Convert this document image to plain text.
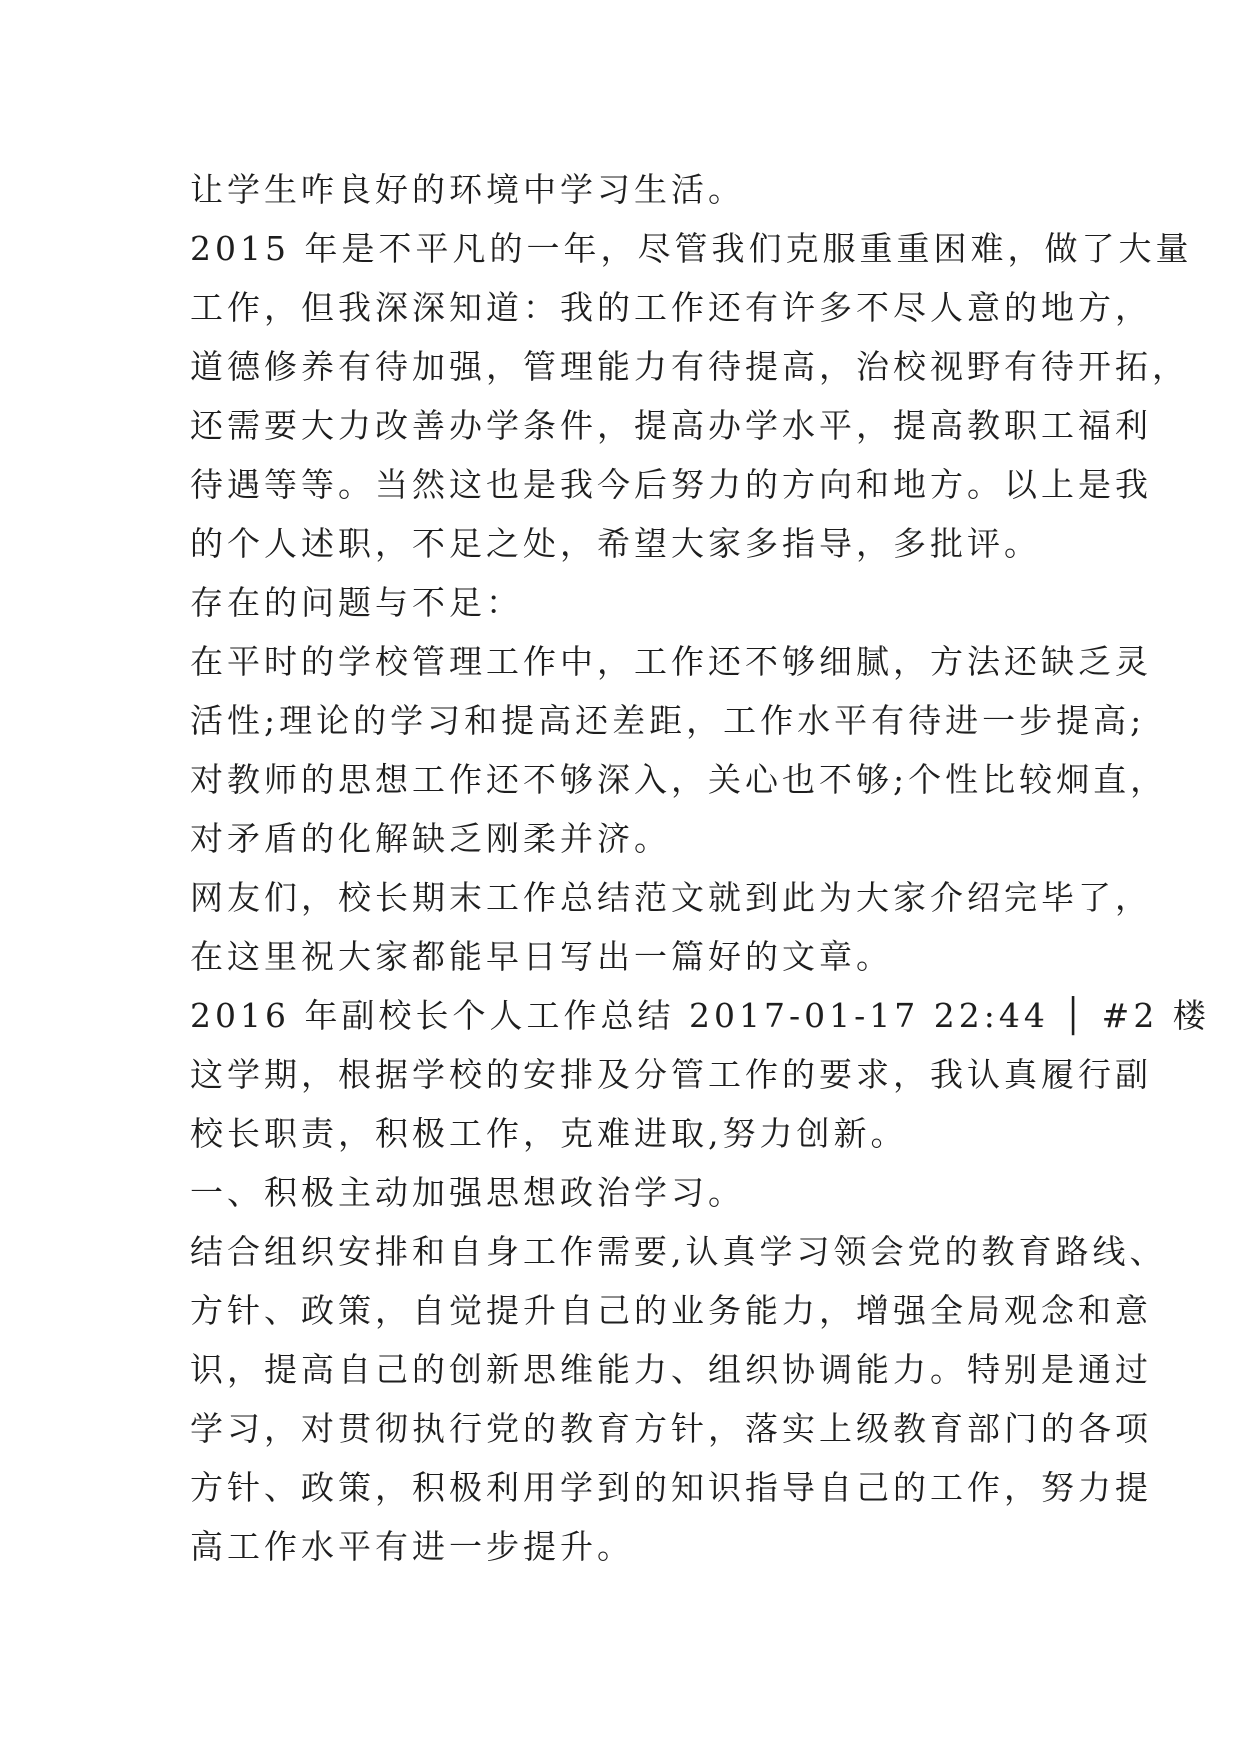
让学生咋良好的环境中学习生活。
2015 年是不平凡的一年，尽管我们克服重重困难，做了大量
工作，但我深深知道：我的工作还有许多不尽人意的地方，
道德修养有待加强，管理能力有待提高，治校视野有待开拓，
还需要大力改善办学条件，提高办学水平，提高教职工福利
待遇等等。当然这也是我今后努力的方向和地方。以上是我
的个人述职，不足之处，希望大家多指导，多批评。
存在的问题与不足：
在平时的学校管理工作中，工作还不够细腻，方法还缺乏灵
活性;理论的学习和提高还差距，工作水平有待进一步提高;
对教师的思想工作还不够深入，关心也不够;个性比较炯直，
对矛盾的化解缺乏刚柔并济。
网友们，校长期末工作总结范文就到此为大家介绍完毕了，
在这里祝大家都能早日写出一篇好的文章。
2016 年副校长个人工作总结 2017-01-17 22:44 │ #2 楼
这学期，根据学校的安排及分管工作的要求，我认真履行副
校长职责，积极工作，克难进取,努力创新。
一、积极主动加强思想政治学习。
结合组织安排和自身工作需要,认真学习领会党的教育路线、
方针、政策，自觉提升自己的业务能力，增强全局观念和意
识，提高自己的创新思维能力、组织协调能力。特别是通过
学习，对贯彻执行党的教育方针，落实上级教育部门的各项
方针、政策，积极利用学到的知识指导自己的工作，努力提
高工作水平有进一步提升。
